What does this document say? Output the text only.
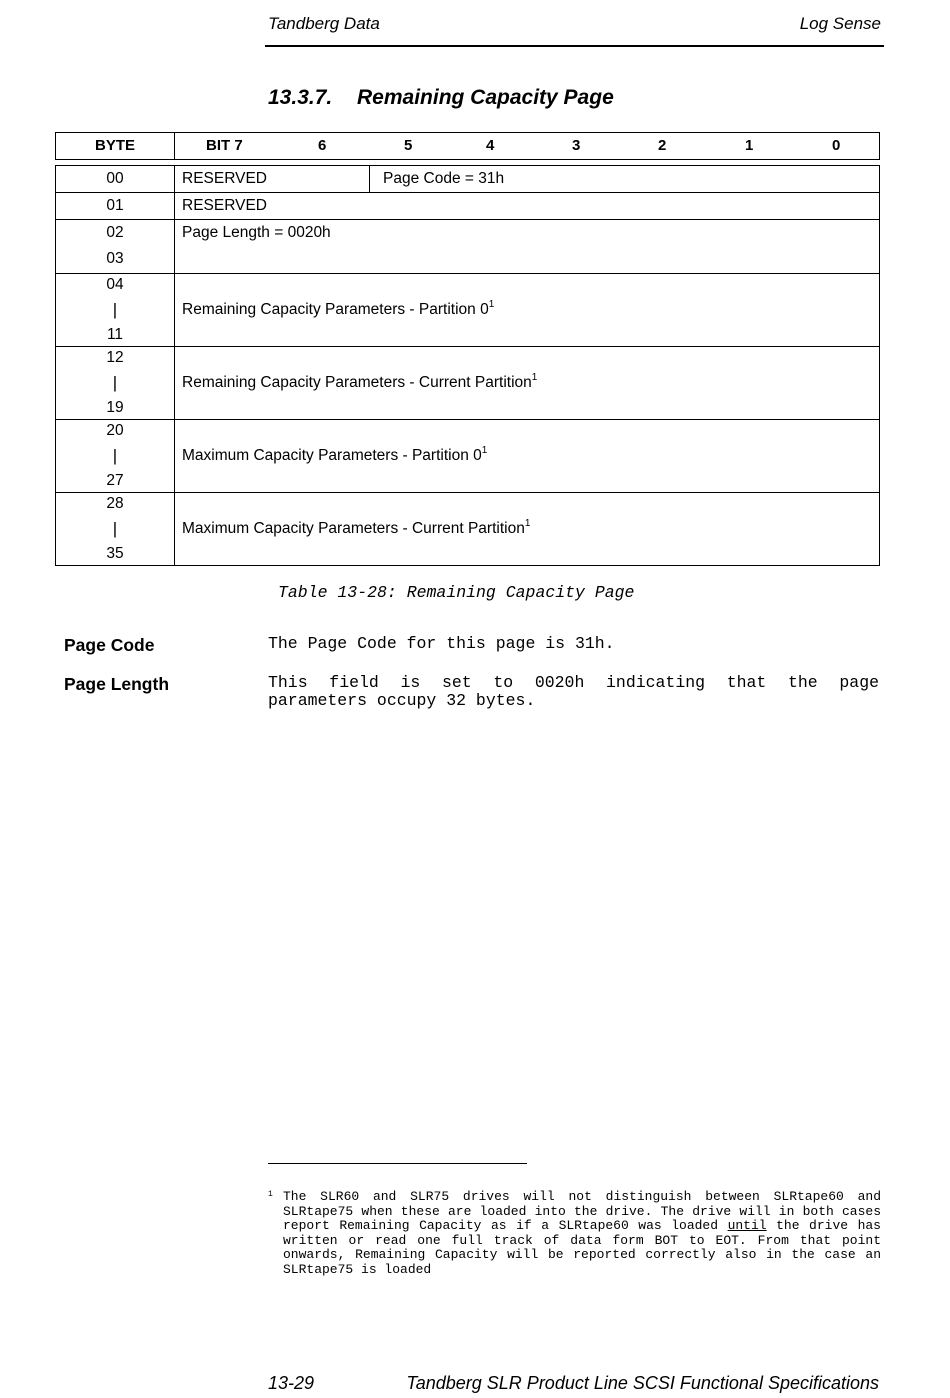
Tandberg Data	Log Sense
13.3.7. Remaining Capacity Page
BYTE	BIT 7	6	5	4	3	2	1	0
00	RESERVED	Page Code = 31h
01	RESERVED	

02
03	Page Length = 0020h	

04
|
11	Remaining Capacity Parameters - Partition $0^1$

12
|
19	Remaining Capacity Parameters - Current Partition$^1$

20
|
27	Maximum Capacity Parameters - Partition $0^1$

28
|
35	Maximum Capacity Parameters - Current Partition$^1$
Table 13-28: Remaining Capacity Page
Page Code	The Page Code for this page is 31h.
Page Length	This field is set to 0020h indicating that the page parameters occupy 32 bytes.
1 The SLR60 and SLR75 drives will not distinguish between SLRtape60 and SLRtape75 when these are loaded into the drive. The drive will in both cases report Remaining Capacity as if a SLRtape60 was loaded until the drive has written or read one full track of data form BOT to EOT. From that point onwards, Remaining Capacity will be reported correctly also in the case an SLRtape75 is loaded
13-29	Tandberg SLR Product Line SCSI Functional Specifications
